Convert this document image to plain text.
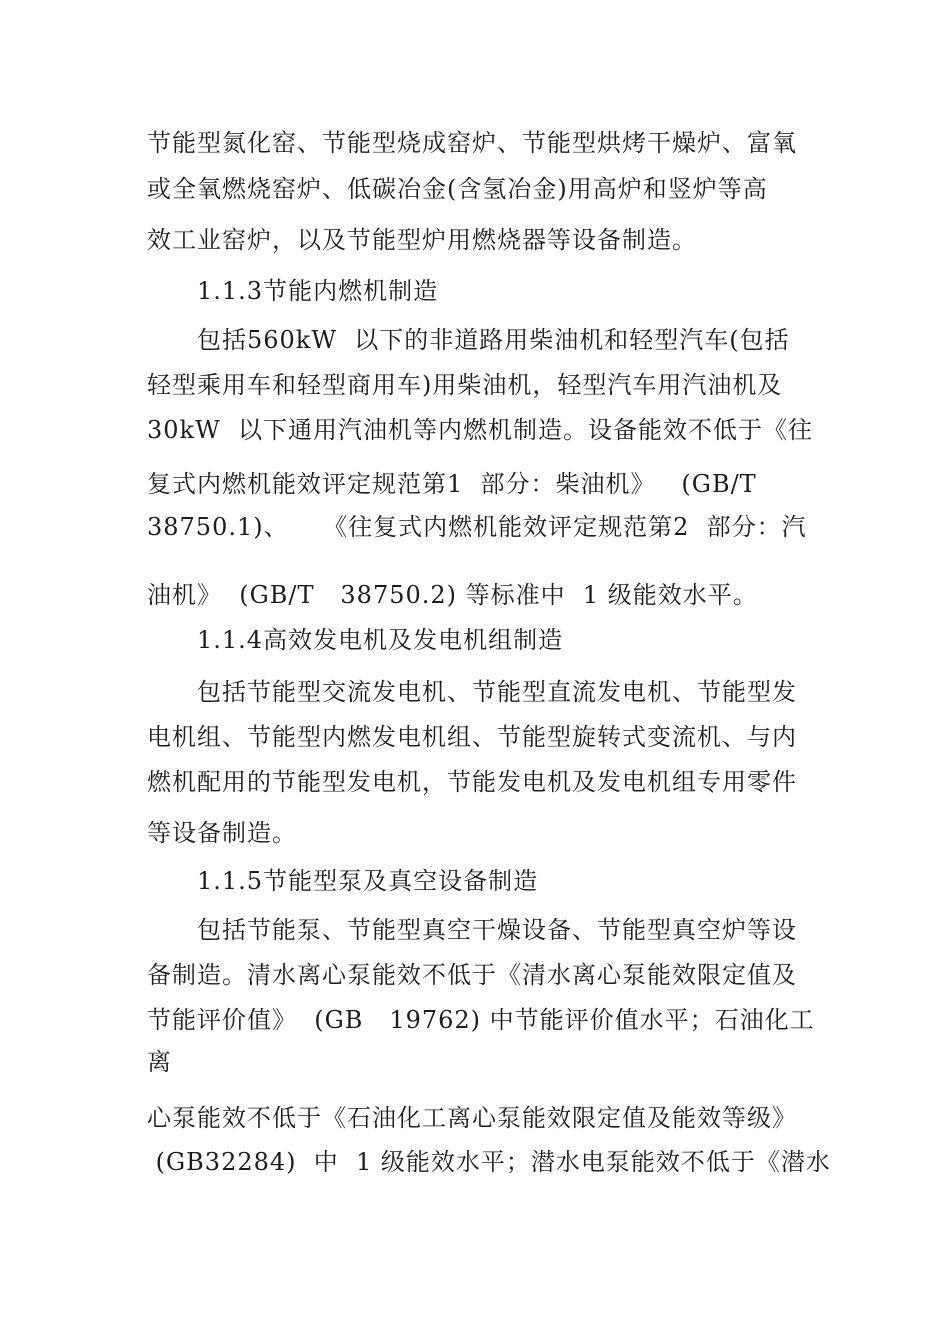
节能型氮化窑、节能型烧成窑炉、节能型烘烤干燥炉、富氧
或全氧燃烧窑炉、低碳冶金(含氢冶金)用高炉和竖炉等高
效工业窑炉，以及节能型炉用燃烧器等设备制造。
1.1.3节能内燃机制造
包括560kW  以下的非道路用柴油机和轻型汽车(包括
轻型乘用车和轻型商用车)用柴油机，轻型汽车用汽油机及
30kW  以下通用汽油机等内燃机制造。设备能效不低于《往
复式内燃机能效评定规范第1  部分：柴油机》   (GB/T
38750.1)、    《往复式内燃机能效评定规范第2  部分：汽
油机》  (GB/T   38750.2) 等标准中  1 级能效水平。
1.1.4高效发电机及发电机组制造
包括节能型交流发电机、节能型直流发电机、节能型发
电机组、节能型内燃发电机组、节能型旋转式变流机、与内
燃机配用的节能型发电机，节能发电机及发电机组专用零件
等设备制造。
1.1.5节能型泵及真空设备制造
包括节能泵、节能型真空干燥设备、节能型真空炉等设
备制造。清水离心泵能效不低于《清水离心泵能效限定值及
节能评价值》  (GB   19762) 中节能评价值水平；石油化工
离
心泵能效不低于《石油化工离心泵能效限定值及能效等级》
(GB32284)  中  1 级能效水平；潜水电泵能效不低于《潜水
